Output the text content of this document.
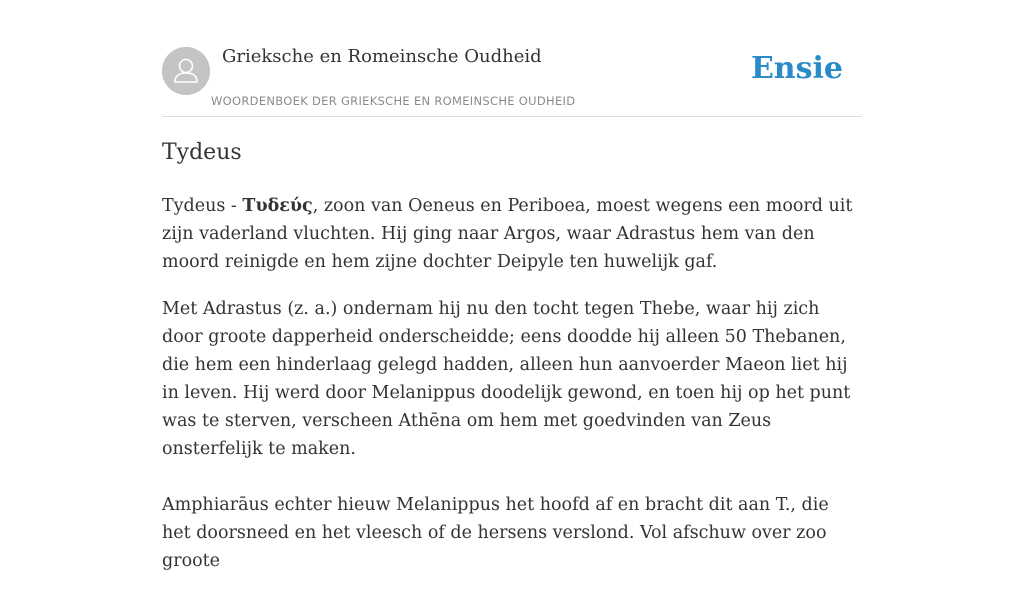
Grieksche en Romeinsche Oudheid
WOORDENBOEK DER GRIEKSCHE EN ROMEINSCHE OUDHEID
Ensie
Tydeus

Tydeus - Τυδεύς, zoon van Oeneus en Periboea, moest wegens een moord uit zijn vaderland vluchten. Hij ging naar Argos, waar Adrastus hem van den moord reinigde en hem zijne dochter Deipyle ten huwelijk gaf.

Met Adrastus (z. a.) ondernam hij nu den tocht tegen Thebe, waar hij zich door groote dapperheid onderscheidde; eens doodde hij alleen 50 Thebanen, die hem een hinderlaag gelegd hadden, alleen hun aanvoerder Maeon liet hij in leven. Hij werd door Melanippus doodelijk gewond, en toen hij op het punt was te sterven, verscheen Athēna om hem met goedvinden van Zeus onsterfelijk te maken.

Amphiarāus echter hieuw Melanippus het hoofd af en bracht dit aan T., die het doorsneed en het vleesch of de hersens verslond. Vol afschuw over zoo groote
